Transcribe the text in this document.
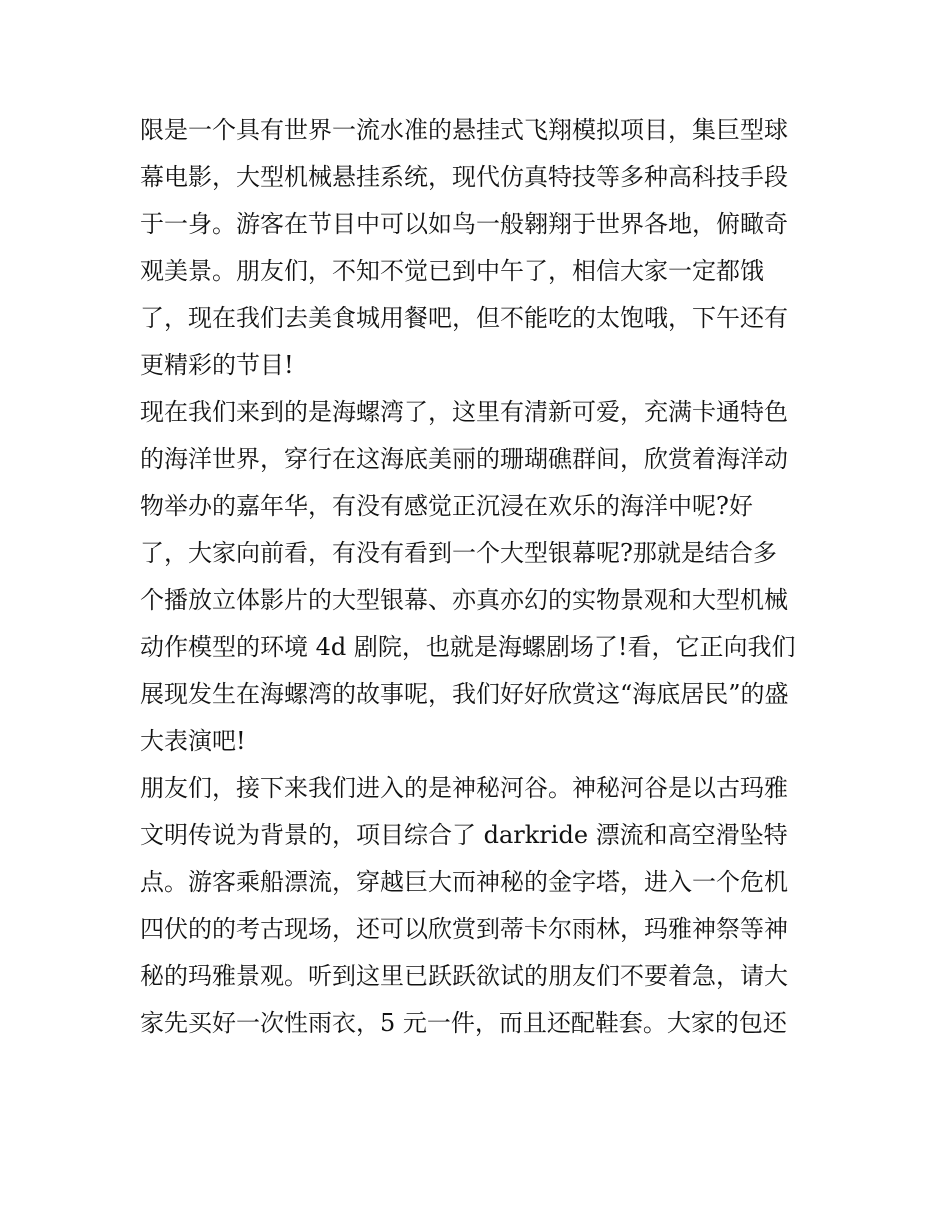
限是一个具有世界一流水准的悬挂式飞翔模拟项目，集巨型球
幕电影，大型机械悬挂系统，现代仿真特技等多种高科技手段
于一身。游客在节目中可以如鸟一般翱翔于世界各地，俯瞰奇
观美景。朋友们，不知不觉已到中午了，相信大家一定都饿
了，现在我们去美食城用餐吧，但不能吃的太饱哦，下午还有
更精彩的节目!
现在我们来到的是海螺湾了，这里有清新可爱，充满卡通特色
的海洋世界，穿行在这海底美丽的珊瑚礁群间，欣赏着海洋动
物举办的嘉年华，有没有感觉正沉浸在欢乐的海洋中呢?好
了，大家向前看，有没有看到一个大型银幕呢?那就是结合多
个播放立体影片的大型银幕、亦真亦幻的实物景观和大型机械
动作模型的环境 4d 剧院，也就是海螺剧场了!看，它正向我们
展现发生在海螺湾的故事呢，我们好好欣赏这“海底居民”的盛
大表演吧!
朋友们，接下来我们进入的是神秘河谷。神秘河谷是以古玛雅
文明传说为背景的，项目综合了 darkride 漂流和高空滑坠特
点。游客乘船漂流，穿越巨大而神秘的金字塔，进入一个危机
四伏的的考古现场，还可以欣赏到蒂卡尔雨林，玛雅神祭等神
秘的玛雅景观。听到这里已跃跃欲试的朋友们不要着急，请大
家先买好一次性雨衣，5 元一件，而且还配鞋套。大家的包还
